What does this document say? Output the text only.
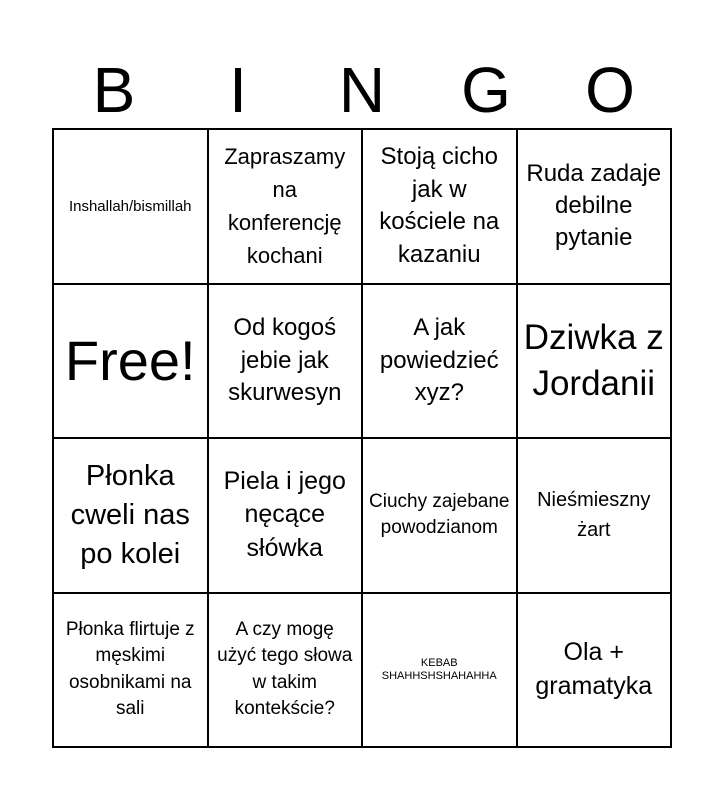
B	I	N	G	O
Inshallah/bismillah
Zapraszamy na konferencję kochani
Stoją cicho jak w kościele na kazaniu
Ruda zadaje debilne pytanie
Free!
Od kogoś jebie jak skurwesyn
A jak powiedzieć xyz?
Dziwka z Jordanii
Płonka cweli nas po kolei
Piela i jego nęcące słówka
Ciuchy zajebane powodzianom
Nieśmieszny żart
Płonka flirtuje z męskimi osobnikami na sali
A czy mogę użyć tego słowa w takim kontekście?
KEBAB SHAHHSHSHAHAHHA
Ola + gramatyka
